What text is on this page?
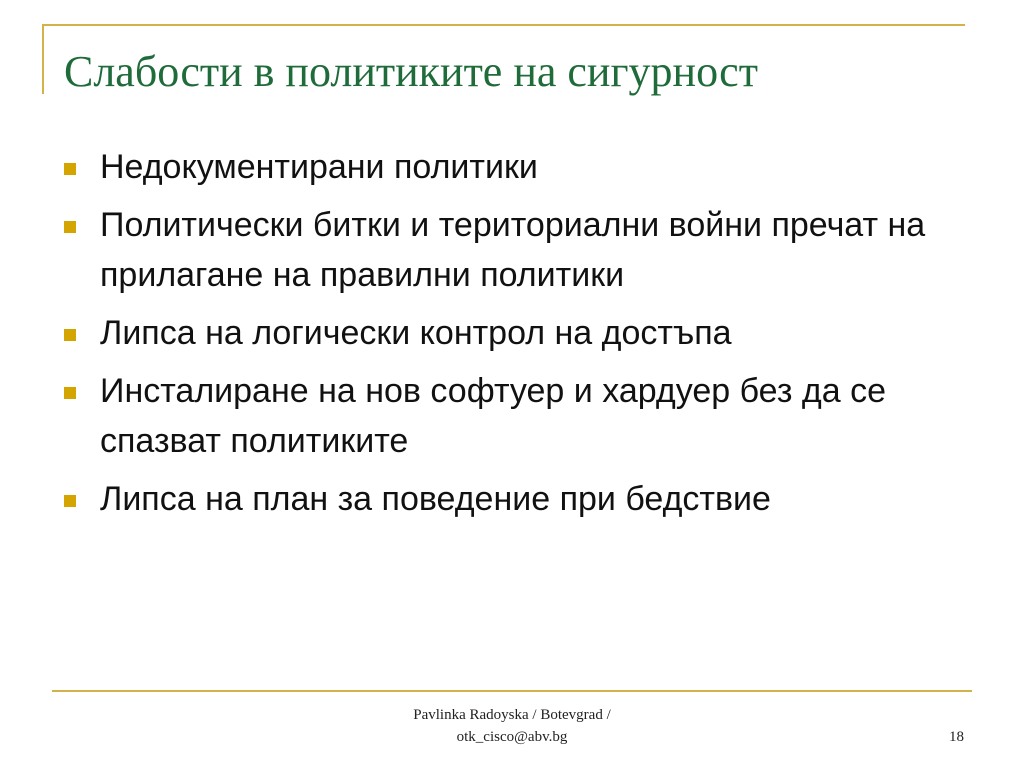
Слабости в политиките на сигурност
Недокументирани политики
Политически битки и териториални войни пречат на прилагане на правилни политики
Липса на логически контрол на достъпа
Инсталиране на нов софтуер и хардуер без да се спазват политиките
Липса на план за поведение при бедствие
Pavlinka Radoyska / Botevgrad /
otk_cisco@abv.bg	18
